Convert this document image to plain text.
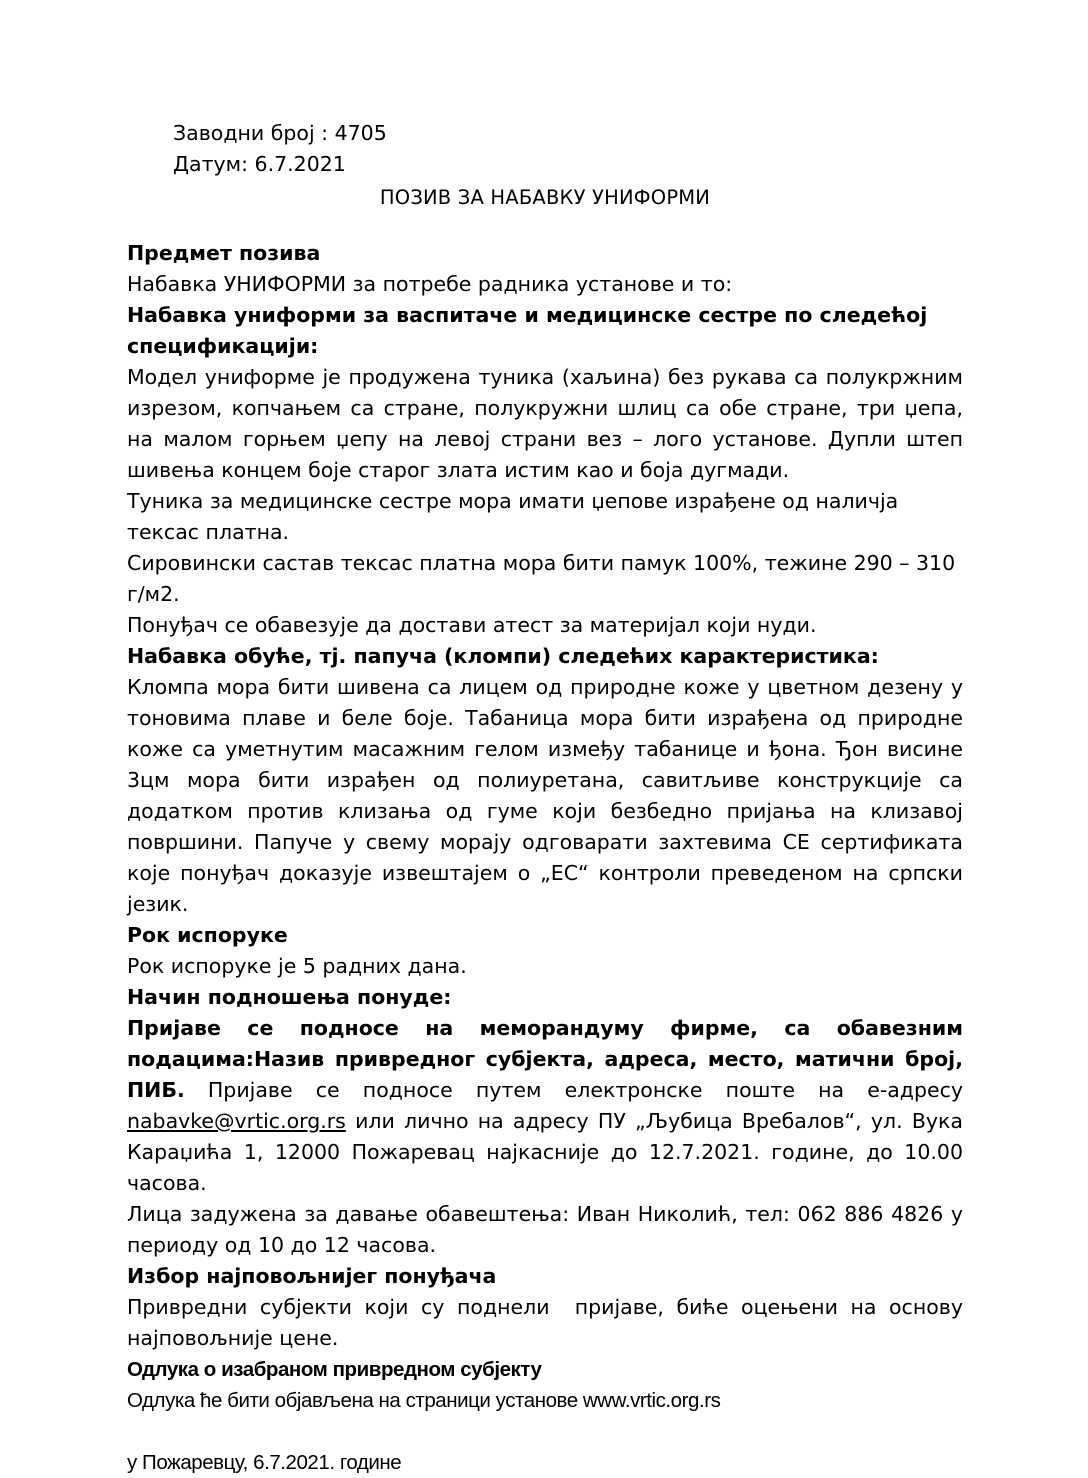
Заводни број : 4705
Датум: 6.7.2021
ПОЗИВ ЗА НАБАВКУ УНИФОРМИ

Предмет позива

Набавка УНИФОРМИ за потребе радника установе и то:

Набавка униформи за васпитаче и медицинске сестре по следећој спецификацији:

Модел униформе је продужена туника (хаљина) без рукава са полукржним изрезом, копчањем са стране, полукружни шлиц са обе стране, три џепа, на малом горњем џепу на левој страни вез – лого установе. Дупли штеп шивења концем боје старог злата истим као и боја дугмади.

Туника за медицинске сестре мора имати џепове израђене од наличја тексас платна.

Сировински састав тексас платна мора бити памук 100%, тежине 290 – 310 г/м2.

Понуђач се обавезује да достави атест за материјал који нуди.

Набавка обуће, тј. папуча (кломпи) следећих карактеристика:

Кломпа мора бити шивена са лицем од природне коже у цветном дезену у тоновима плаве и беле боје. Табаница мора бити израђена од природне коже са уметнутим масажним гелом између табанице и ђона. Ђон висине 3цм мора бити израђен од полиуретана, савитљиве конструкције са додатком против клизања од гуме који безбедно пријања на клизавој површини. Папуче у свему морају одговарати захтевима СЕ сертификата које понуђач доказује извештајем о „ЕС“ контроли преведеном на српски језик.

Рок испоруке

Рок испоруке је 5 радних дана.

Начин подношења понуде:

Пријаве се подносе на меморандуму фирме, са обавезним подацима:Назив привредног субјекта, адреса, место, матични број, ПИБ. Пријаве се подносе путем електронске поште на е-адресу nabavke@vrtic.org.rs или лично на адресу ПУ „Љубица Вребалов“, ул. Вука Караџића 1, 12000 Пожаревац најкасније до 12.7.2021. године, до 10.00 часова.

Лица задужена за давање обавештења: Иван Николић, тел: 062 886 4826 у периоду од 10 до 12 часова.

Избор најповољнијег понуђача

Привредни субјекти који су поднели  пријаве, биће оцењени на основу најповољније цене.

Одлука о изабраном привредном субјекту

Одлука ће бити објављена на страници установе www.vrtic.org.rs

у Пожаревцу, 6.7.2021. године
